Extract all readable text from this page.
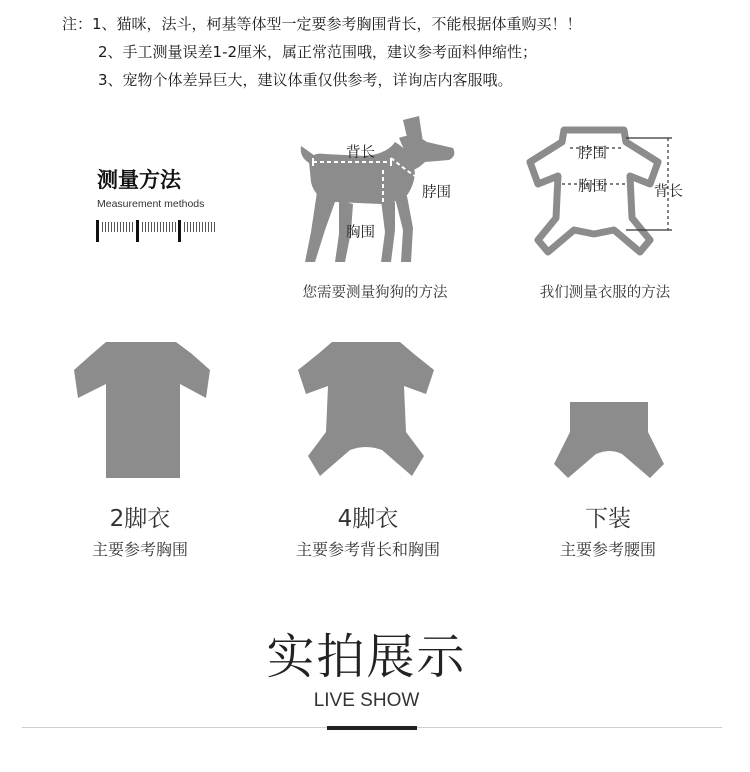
注：1、猫咪，法斗，柯基等体型一定要参考胸围背长，不能根据体重购买！！
2、手工测量误差1-2厘米，属正常范围哦，建议参考面料伸缩性；
3、宠物个体差异巨大，建议体重仅供参考，详询店内客服哦。
测量方法
Measurement methods
背长
脖围
胸围
您需要测量狗狗的方法
脖围
胸围	背长
我们测量衣服的方法
2脚衣
主要参考胸围
4脚衣
主要参考背长和胸围
下装
主要参考腰围
实拍展示
LIVE SHOW
